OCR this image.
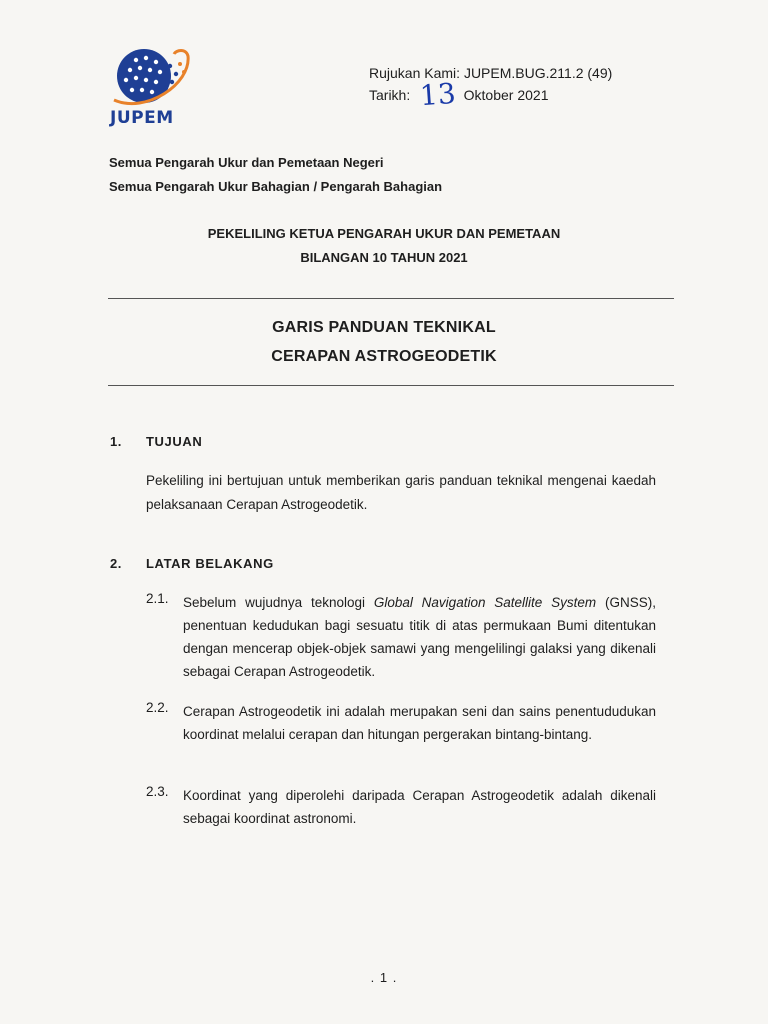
JUPEM
Rujukan Kami: JUPEM.BUG.211.2 (49)
Tarikh: 13 Oktober 2021
Semua Pengarah Ukur dan Pemetaan Negeri
Semua Pengarah Ukur Bahagian / Pengarah Bahagian
PEKELILING KETUA PENGARAH UKUR DAN PEMETAAN
BILANGAN 10 TAHUN 2021
GARIS PANDUAN TEKNIKAL
CERAPAN ASTROGEODETIK
1. TUJUAN
Pekeliling ini bertujuan untuk memberikan garis panduan teknikal mengenai kaedah pelaksanaan Cerapan Astrogeodetik.
2. LATAR BELAKANG
2.1. Sebelum wujudnya teknologi Global Navigation Satellite System (GNSS), penentuan kedudukan bagi sesuatu titik di atas permukaan Bumi ditentukan dengan mencerap objek-objek samawi yang mengelilingi galaksi yang dikenali sebagai Cerapan Astrogeodetik.
2.2. Cerapan Astrogeodetik ini adalah merupakan seni dan sains penentududukan koordinat melalui cerapan dan hitungan pergerakan bintang-bintang.
2.3. Koordinat yang diperolehi daripada Cerapan Astrogeodetik adalah dikenali sebagai koordinat astronomi.
. 1 .
